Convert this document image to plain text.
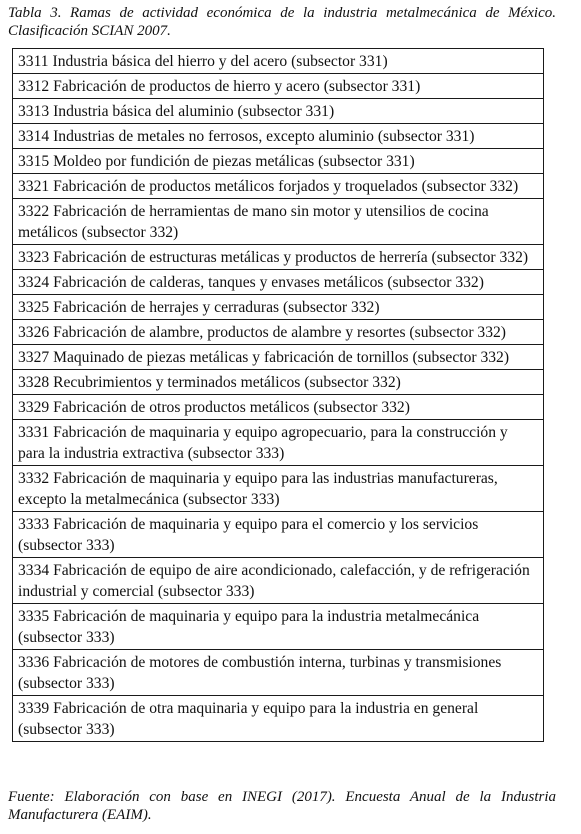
Tabla 3. Ramas de actividad económica de la industria metalmecánica de México. Clasificación SCIAN 2007.
3311 Industria básica del hierro y del acero (subsector 331)
3312 Fabricación de productos de hierro y acero (subsector 331)
3313 Industria básica del aluminio (subsector 331)
3314 Industrias de metales no ferrosos, excepto aluminio (subsector 331)
3315 Moldeo por fundición de piezas metálicas (subsector 331)
3321 Fabricación de productos metálicos forjados y troquelados (subsector 332)
3322 Fabricación de herramientas de mano sin motor y utensilios de cocina metálicos (subsector 332)
3323 Fabricación de estructuras metálicas y productos de herrería (subsector 332)
3324 Fabricación de calderas, tanques y envases metálicos (subsector 332)
3325 Fabricación de herrajes y cerraduras (subsector 332)
3326 Fabricación de alambre, productos de alambre y resortes (subsector 332)
3327 Maquinado de piezas metálicas y fabricación de tornillos (subsector 332)
3328 Recubrimientos y terminados metálicos (subsector 332)
3329 Fabricación de otros productos metálicos (subsector 332)
3331 Fabricación de maquinaria y equipo agropecuario, para la construcción y para la industria extractiva (subsector 333)
3332 Fabricación de maquinaria y equipo para las industrias manufactureras, excepto la metalmecánica (subsector 333)
3333 Fabricación de maquinaria y equipo para el comercio y los servicios (subsector 333)
3334 Fabricación de equipo de aire acondicionado, calefacción, y de refrigeración industrial y comercial (subsector 333)
3335 Fabricación de maquinaria y equipo para la industria metalmecánica (subsector 333)
3336 Fabricación de motores de combustión interna, turbinas y transmisiones (subsector 333)
3339 Fabricación de otra maquinaria y equipo para la industria en general (subsector 333)
Fuente: Elaboración con base en INEGI (2017). Encuesta Anual de la Industria Manufacturera (EAIM).
